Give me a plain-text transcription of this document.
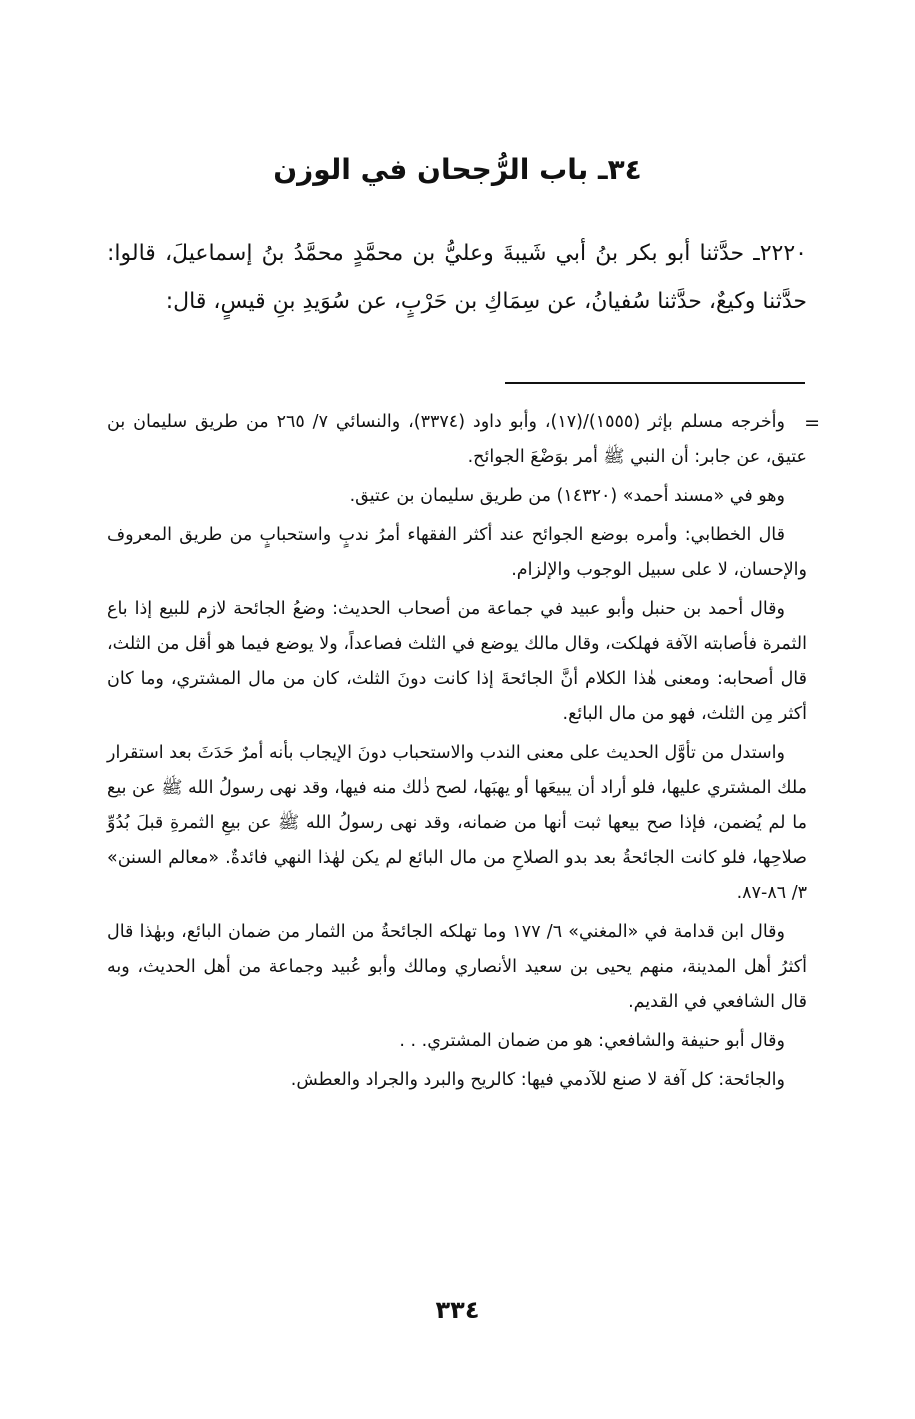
٣٤ـ باب الرُّجحان في الوزن

٢٢٢٠ـ حدَّثنا أبو بكر بنُ أبي شَيبةَ وعليُّ بن محمَّدٍ محمَّدُ بنُ إسماعيلَ، قالوا: حدَّثنا وكيعٌ، حدَّثنا سُفيانُ، عن سِمَاكِ بن حَرْبٍ، عن سُوَيدِ بنِ قيسٍ، قال:

=

وأخرجه مسلم بإثر (١٥٥٥)/(١٧)، وأبو داود (٣٣٧٤)، والنسائي ٧/ ٢٦٥ من طريق سليمان بن عتيق، عن جابر: أن النبي ﷺ أمر بوَضْعَ الجوائح.

وهو في «مسند أحمد» (١٤٣٢٠) من طريق سليمان بن عتيق.

قال الخطابي: وأمره بوضع الجوائح عند أكثر الفقهاء أمرُ ندبٍ واستحبابٍ من طريق المعروف والإحسان، لا على سبيل الوجوب والإلزام.

وقال أحمد بن حنبل وأبو عبيد في جماعة من أصحاب الحديث: وضعُ الجائحة لازم للبيع إذا باع الثمرة فأصابته الآفة فهلكت، وقال مالك يوضع في الثلث فصاعداً، ولا يوضع فيما هو أقل من الثلث، قال أصحابه: ومعنى هٰذا الكلام أنَّ الجائحةَ إذا كانت دونَ الثلث، كان من مال المشتري، وما كان أكثر مِن الثلث، فهو من مال البائع.

واستدل من تأوَّل الحديث على معنى الندب والاستحباب دونَ الإيجاب بأنه أمرٌ حَدَثَ بعد استقرار ملك المشتري عليها، فلو أراد أن يبيعَها أو يهبَها، لصح ذٰلك منه فيها، وقد نهى رسولُ الله ﷺ عن بيع ما لم يُضمن، فإذا صح بيعها ثبت أنها من ضمانه، وقد نهى رسولُ الله ﷺ عن بيعِ الثمرةِ قبلَ بُدُوِّ صلاحِها، فلو كانت الجائحةُ بعد بدو الصلاحِ من مال البائع لم يكن لهٰذا النهي فائدةٌ. «معالم السنن» ٣/ ٨٦-٨٧.

وقال ابن قدامة في «المغني» ٦/ ١٧٧ وما تهلكه الجائحةُ من الثمار من ضمان البائع، وبهٰذا قال أكثرُ أهل المدينة، منهم يحيى بن سعيد الأنصاري ومالك وأبو عُبيد وجماعة من أهل الحديث، وبه قال الشافعي في القديم.

وقال أبو حنيفة والشافعي: هو من ضمان المشتري. . .

والجائحة: كل آفة لا صنع للآدمي فيها: كالريح والبرد والجراد والعطش.

٣٣٤
